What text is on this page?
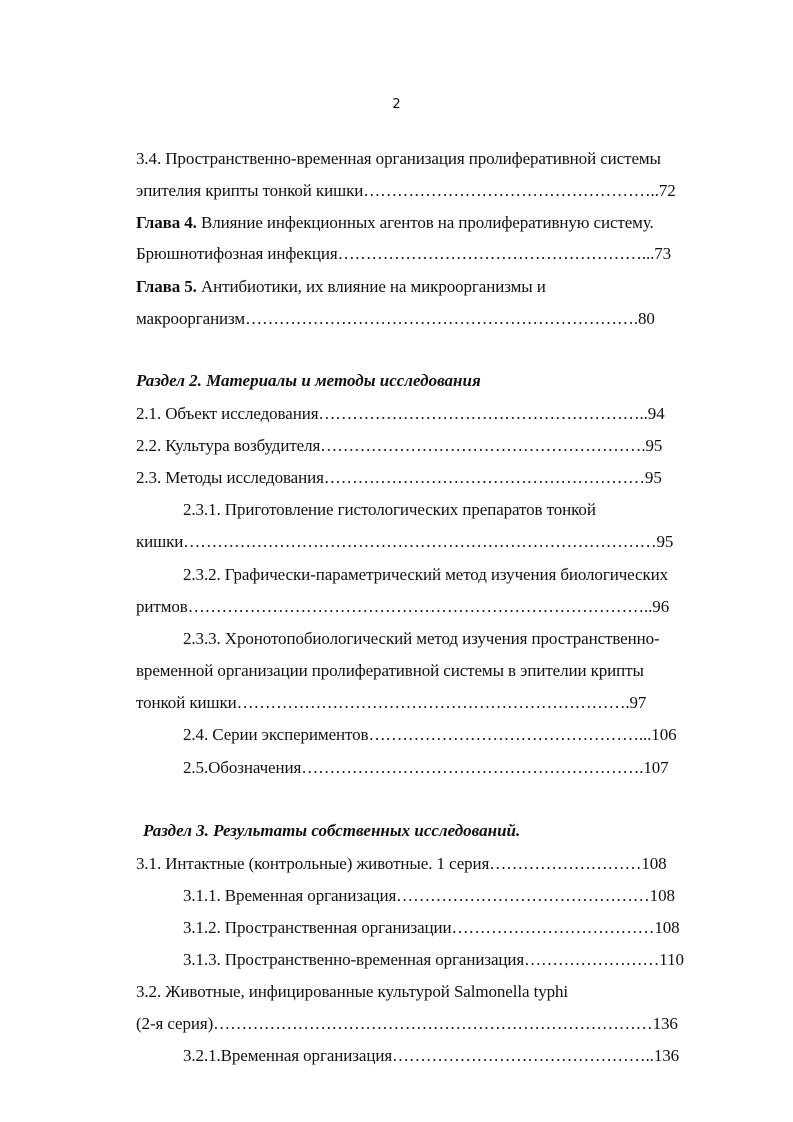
2
3.4. Пространственно-временная организация пролиферативной системы
эпителия крипты тонкой кишки……………………………………………..72
Глава 4. Влияние инфекционных агентов на пролиферативную систему.
Брюшнотифозная инфекция………………………………………………...73
Глава 5. Антибиотики, их влияние на микроорганизмы и
макроорганизм…………………………………………………………….80
Раздел 2. Материалы и методы исследования
2.1. Объект исследования…………………………………………………..94
2.2. Культура возбудителя………………………………………………….95
2.3. Методы исследования…………………………………………………95
2.3.1. Приготовление гистологических препаратов тонкой
кишки…………………………………………………………………………95
2.3.2. Графически-параметрический метод изучения биологических
ритмов………………………………………………………………………..96
2.3.3. Хронотопобиологический метод изучения пространственно-
временной организации пролиферативной системы в эпителии крипты
тонкой кишки…………………………………………………………….97
2.4. Серии экспериментов…………………………………………...106
2.5.Обозначения…………………………………………………….107
Раздел 3. Результаты собственных исследований.
3.1. Интактные (контрольные) животные. 1 серия………………………108
3.1.1. Временная организация………………………………………108
3.1.2. Пространственная организации………………………………108
3.1.3. Пространственно-временная организация……………………110
3.2. Животные, инфицированные культурой Salmonella typhi
(2-я серия)……………………………………………………………………136
3.2.1.Временная организация………………………………………..136
